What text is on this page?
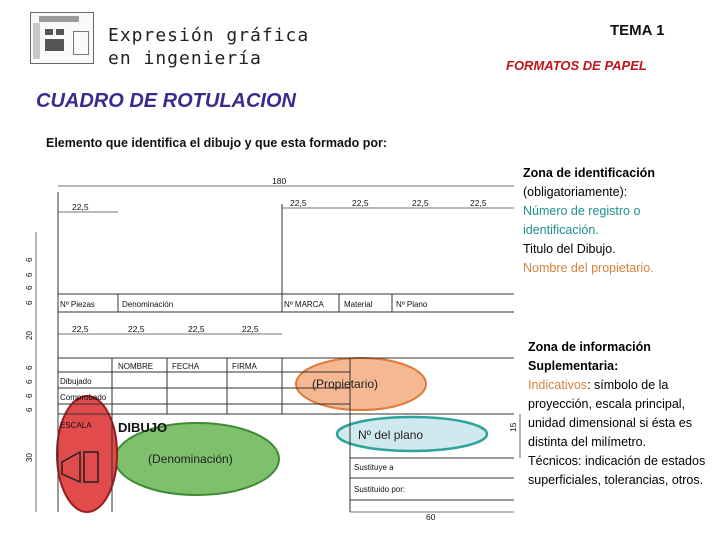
Expresión gráfica
en ingeniería
TEMA 1
FORMATOS DE PAPEL
CUADRO DE ROTULACION
Elemento que identifica el dibujo y que esta formado por:
Zona de identificación
(obligatoriamente):
Número de registro o identificación.
Titulo del Dibujo.
Nombre del propietario.
Zona de información Suplementaria:
Indicativos: símbolo de la proyección, escala principal, unidad dimensional si ésta es distinta del milímetro.
Técnicos: indicación de estados superficiales, tolerancias, otros.
180
22,5	22,5	22,5	22,5	22,5
22,5	22,5	22,5	22,5
60
15
6
6
6
6
20
6
6
6
6
30
Nº Piezas	Denominación	Nº MARCA	Material	Nº Plano
NOMBRE FECHA	FIRMA
Dibujado
Comprobado
ESCALA
Sustituye a
Sustituido por:
DIBUJO
(Propietario)
Nº del plano
(Denominación)
